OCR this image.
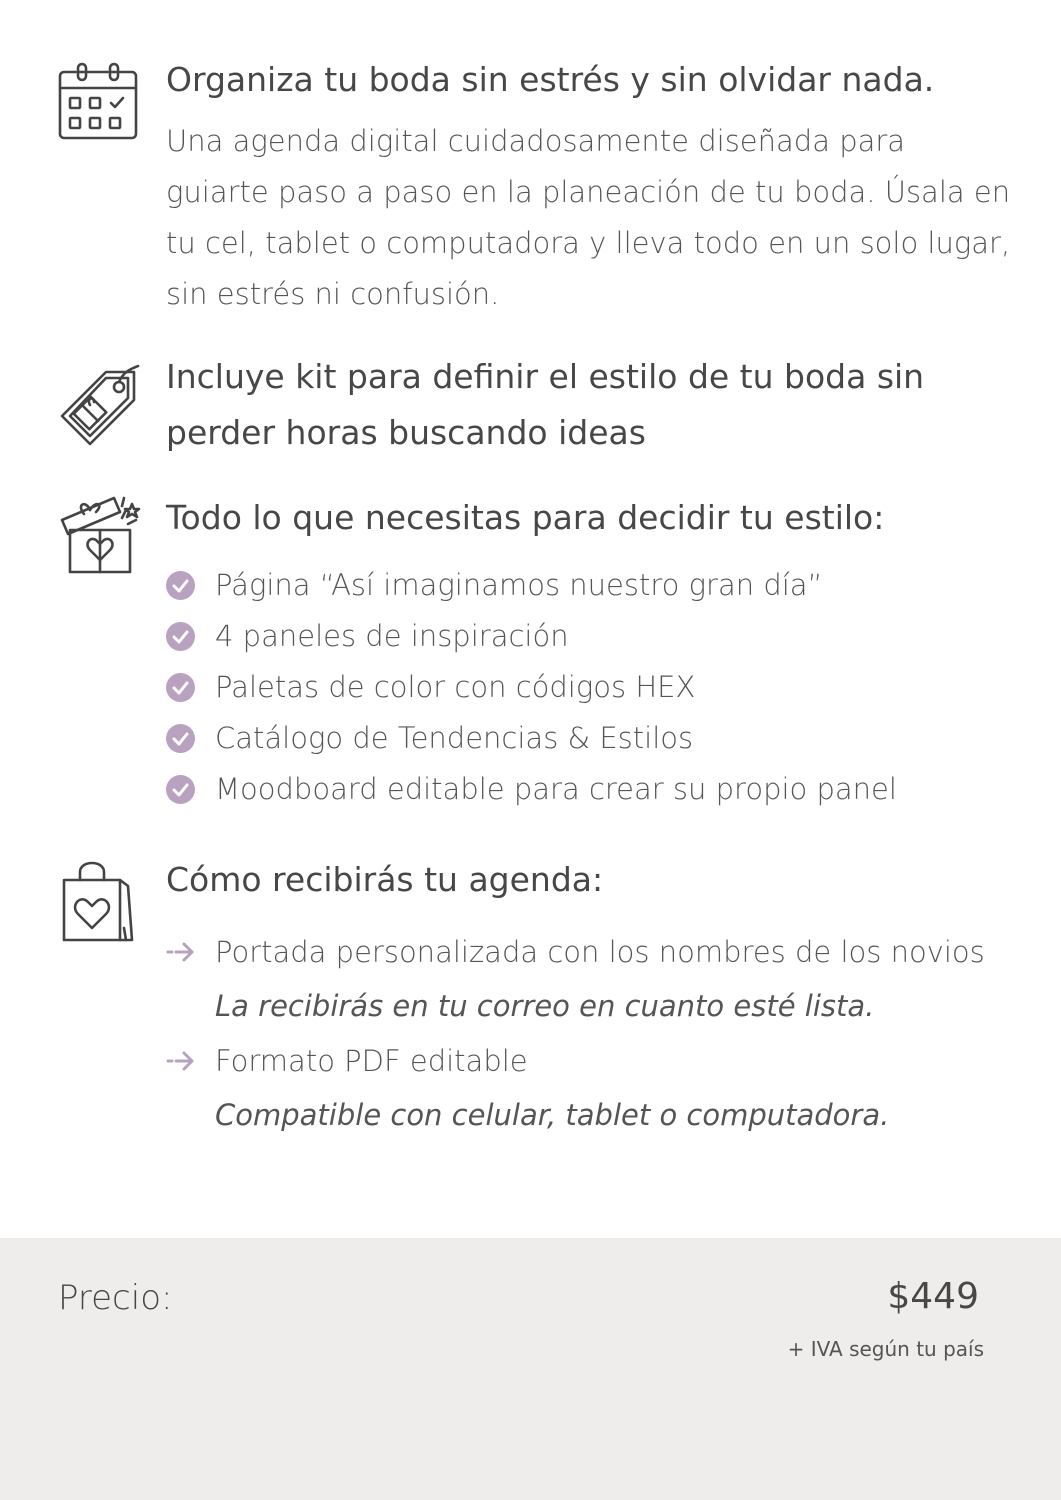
Organiza tu boda sin estrés y sin olvidar nada.

Una agenda digital cuidadosamente diseñada para guiarte paso a paso en la planeación de tu boda. Úsala en tu cel, tablet o computadora y lleva todo en un solo lugar, sin estrés ni confusión.

Incluye kit para definir el estilo de tu boda sin perder horas buscando ideas
Todo lo que necesitas para decidir tu estilo:
Página “Así imaginamos nuestro gran día”
4 paneles de inspiración
Paletas de color con códigos HEX
Catálogo de Tendencias & Estilos
Moodboard editable para crear su propio panel
Cómo recibirás tu agenda:
Portada personalizada con los nombres de los novios La recibirás en tu correo en cuanto esté lista.
Formato PDF editable
Compatible con celular, tablet o computadora.

Precio:	$449

+ IVA según tu país
